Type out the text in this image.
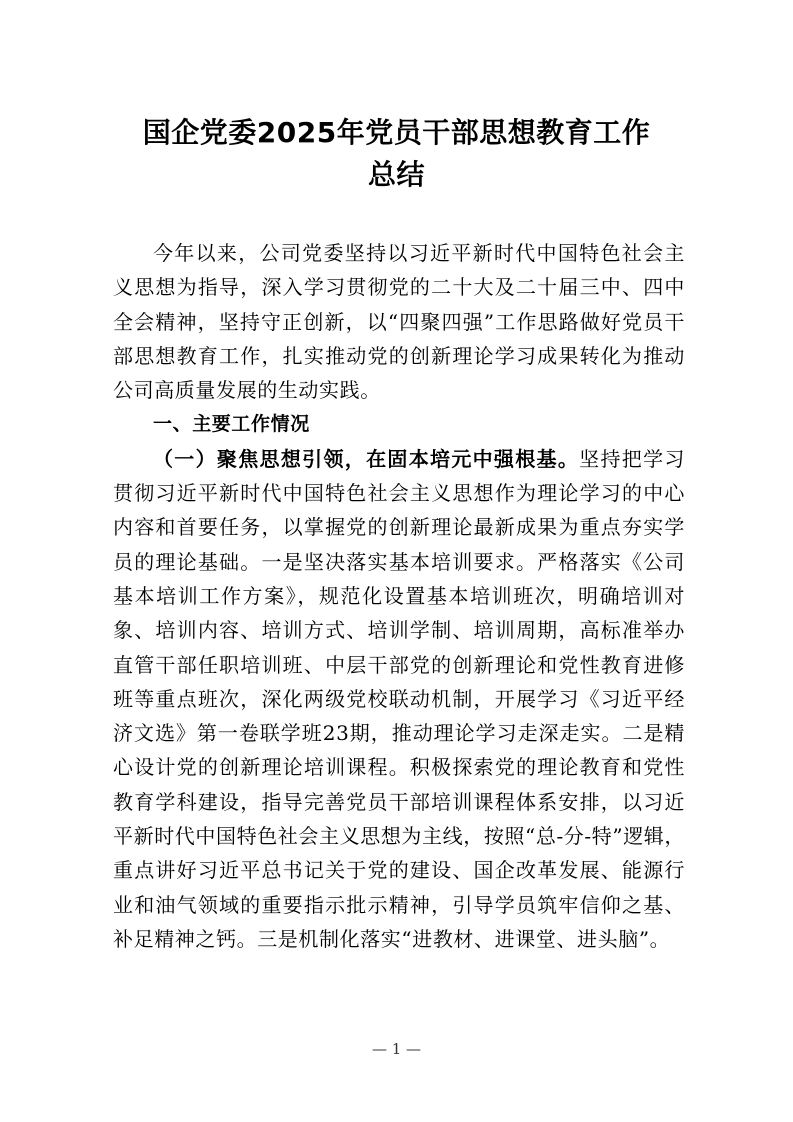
国企党委2025年党员干部思想教育工作
总结

今年以来，公司党委坚持以习近平新时代中国特色社会主义思想为指导，深入学习贯彻党的二十大及二十届三中、四中全会精神，坚持守正创新，以“四聚四强”工作思路做好党员干部思想教育工作，扎实推动党的创新理论学习成果转化为推动公司高质量发展的生动实践。

一、主要工作情况

（一）聚焦思想引领，在固本培元中强根基。坚持把学习贯彻习近平新时代中国特色社会主义思想作为理论学习的中心内容和首要任务，以掌握党的创新理论最新成果为重点夯实学员的理论基础。一是坚决落实基本培训要求。严格落实《公司基本培训工作方案》，规范化设置基本培训班次，明确培训对象、培训内容、培训方式、培训学制、培训周期，高标准举办直管干部任职培训班、中层干部党的创新理论和党性教育进修班等重点班次，深化两级党校联动机制，开展学习《习近平经济文选》第一卷联学班23期，推动理论学习走深走实。二是精心设计党的创新理论培训课程。积极探索党的理论教育和党性教育学科建设，指导完善党员干部培训课程体系安排，以习近平新时代中国特色社会主义思想为主线，按照“总-分-特”逻辑，重点讲好习近平总书记关于党的建设、国企改革发展、能源行业和油气领域的重要指示批示精神，引导学员筑牢信仰之基、补足精神之钙。三是机制化落实“进教材、进课堂、进头脑”。

— 1 —
